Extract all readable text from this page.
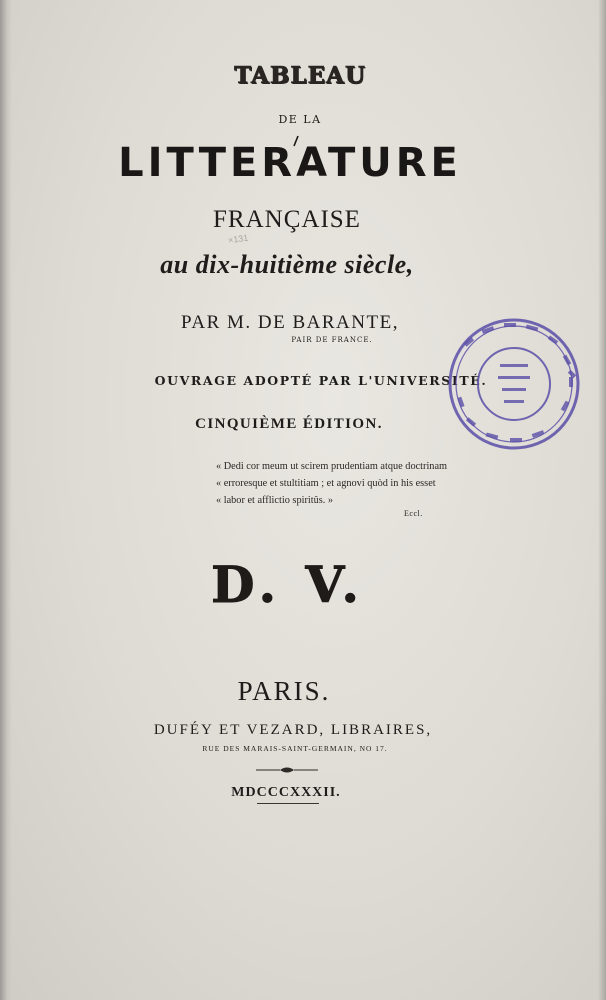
TABLEAU
DE LA
LITTERATURE
FRANÇAISE
×131
au dix-huitième siècle,
PAR M. DE BARANTE,
PAIR DE FRANCE.
OUVRAGE ADOPTÉ PAR L'UNIVERSITÉ.
CINQUIÈME ÉDITION.
« Dedi cor meum ut scirem prudentiam atque doctrinam
« erroresque et stultitiam ; et agnovi quòd in his esset
« labor et afflictio spiritûs. »
Eccl.
D. V.
PARIS.
DUFÉY ET VEZARD, LIBRAIRES,
RUE DES MARAIS-SAINT-GERMAIN, NO 17.
MDCCCXXXII.
